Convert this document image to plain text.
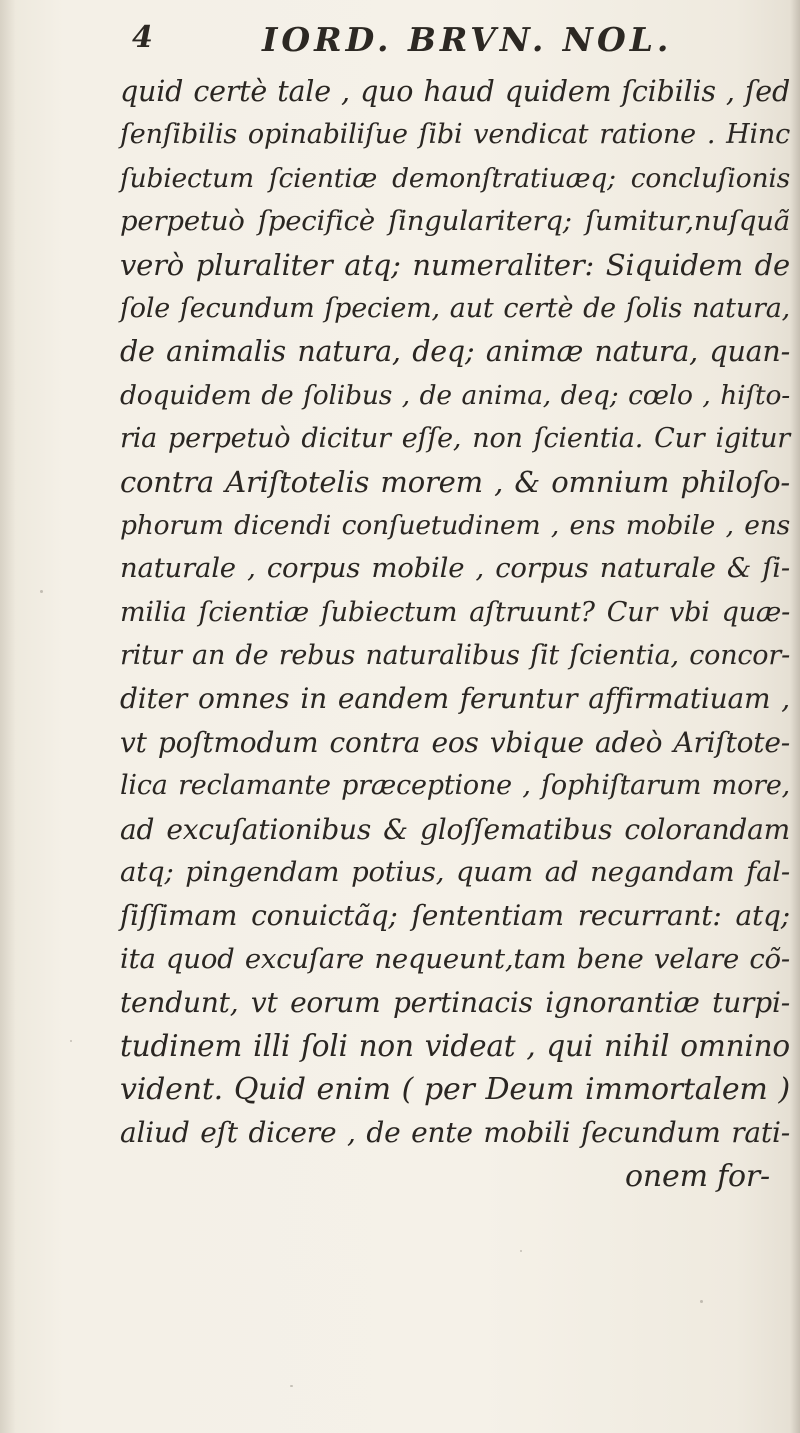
4	IORD. BRVN. NOL.
quid certè tale , quo haud quidem ſcibilis , ſed
ſenſibilis opinabiliſue ſibi vendicat ratione . Hinc
ſubiectum ſcientiæ demonſtratiuæq; concluſionis
perpetuò ſpecificè ſingulariterq; ſumitur,nuſquã
verò pluraliter atq; numeraliter: Siquidem de
ſole ſecundum ſpeciem, aut certè de ſolis natura,
de animalis natura, deq; animæ natura, quan-
doquidem de ſolibus , de anima, deq; cœlo , hiſto-
ria perpetuò dicitur eſſe, non ſcientia. Cur igitur
contra Ariſtotelis morem , & omnium philoſo-
phorum dicendi conſuetudinem , ens mobile , ens
naturale , corpus mobile , corpus naturale & ſi-
milia ſcientiæ ſubiectum aſtruunt? Cur vbi quæ-
ritur an de rebus naturalibus ſit ſcientia, concor-
diter omnes in eandem feruntur affirmatiuam ,
vt poſtmodum contra eos vbique adeò Ariſtote-
lica reclamante præceptione , ſophiſtarum more,
ad excuſationibus & gloſſematibus colorandam
atq; pingendam potius, quam ad negandam fal-
ſiſſimam conuictãq; ſententiam recurrant: atq;
ita quod excuſare nequeunt,tam bene velare cõ-
tendunt, vt eorum pertinacis ignorantiæ turpi-
tudinem illi ſoli non videat , qui nihil omnino
vident. Quid enim ( per Deum immortalem )
aliud eſt dicere , de ente mobili ſecundum rati-
onem for-
